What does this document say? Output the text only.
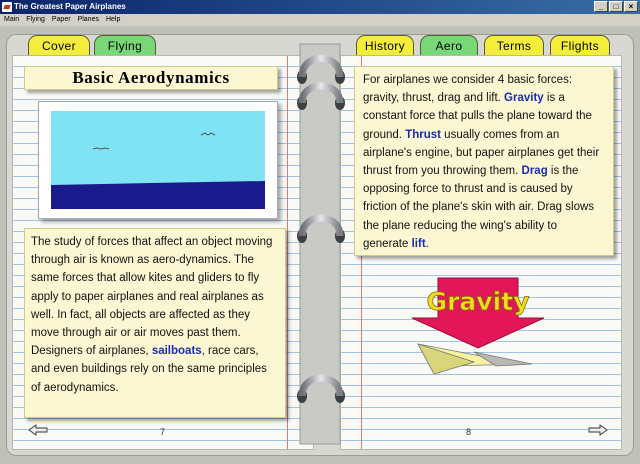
The Greatest Paper Airplanes	_	□	×
Main Flying Paper Planes Help
Cover	Flying	History	Aero	Terms	Flights
Basic Aerodynamics
The study of forces that affect an object moving through air is known as aero-dynamics. The same forces that allow kites and gliders to fly apply to paper airplanes and real airplanes as well. In fact, all objects are affected as they move through air or air moves past them. Designers of airplanes, sailboats, race cars, and even buildings rely on the same principles of aerodynamics.
For airplanes we consider 4 basic forces: gravity, thrust, drag and lift. Gravity is a constant force that pulls the plane toward the ground. Thrust usually comes from an airplane's engine, but paper airplanes get their thrust from you throwing them. Drag is the opposing force to thrust and is caused by friction of the plane's skin with air. Drag slows the plane reducing the wing's ability to generate lift.
Gravity
7	8
